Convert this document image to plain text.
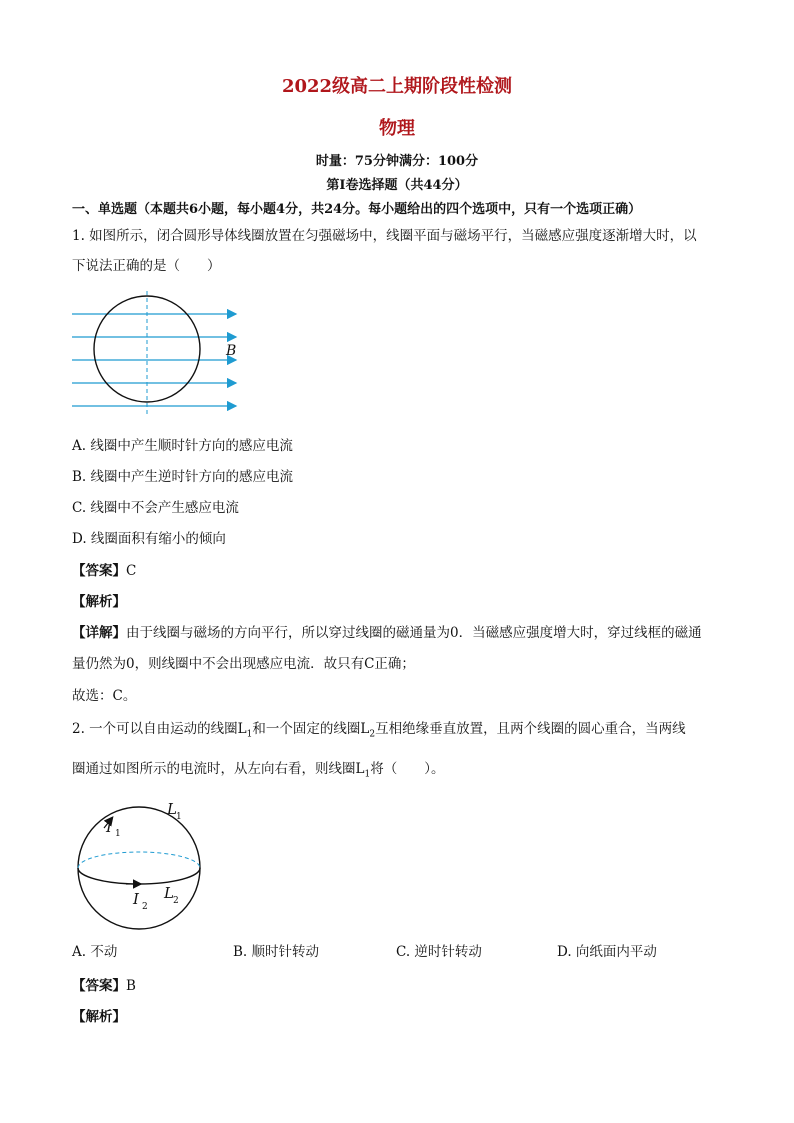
2022级高二上期阶段性检测
物理
时量：75分钟满分：100分
第Ⅰ卷选择题（共44分）
一、单选题（本题共6小题，每小题4分，共24分。每小题给出的四个选项中，只有一个选项正确）
1. 如图所示，闭合圆形导体线圈放置在匀强磁场中，线圈平面与磁场平行，当磁感应强度逐渐增大时，以
下说法正确的是（　　）
B
A. 线圈中产生顺时针方向的感应电流
B. 线圈中产生逆时针方向的感应电流
C. 线圈中不会产生感应电流
D. 线圈面积有缩小的倾向
【答案】C
【解析】
【详解】由于线圈与磁场的方向平行，所以穿过线圈的磁通量为0．当磁感应强度增大时，穿过线框的磁通
量仍然为0，则线圈中不会出现感应电流．故只有C正确；
故选：C。
2. 一个可以自由运动的线圈$L_1$和一个固定的线圈$L_2$互相绝缘垂直放置，且两个线圈的圆心重合，当两线
圈通过如图所示的电流时，从左向右看，则线圈$L_1$将（　　）。
I 1
L 1
I 2
L 2
A. 不动	B. 顺时针转动	C. 逆时针转动	D. 向纸面内平动
【答案】B
【解析】
